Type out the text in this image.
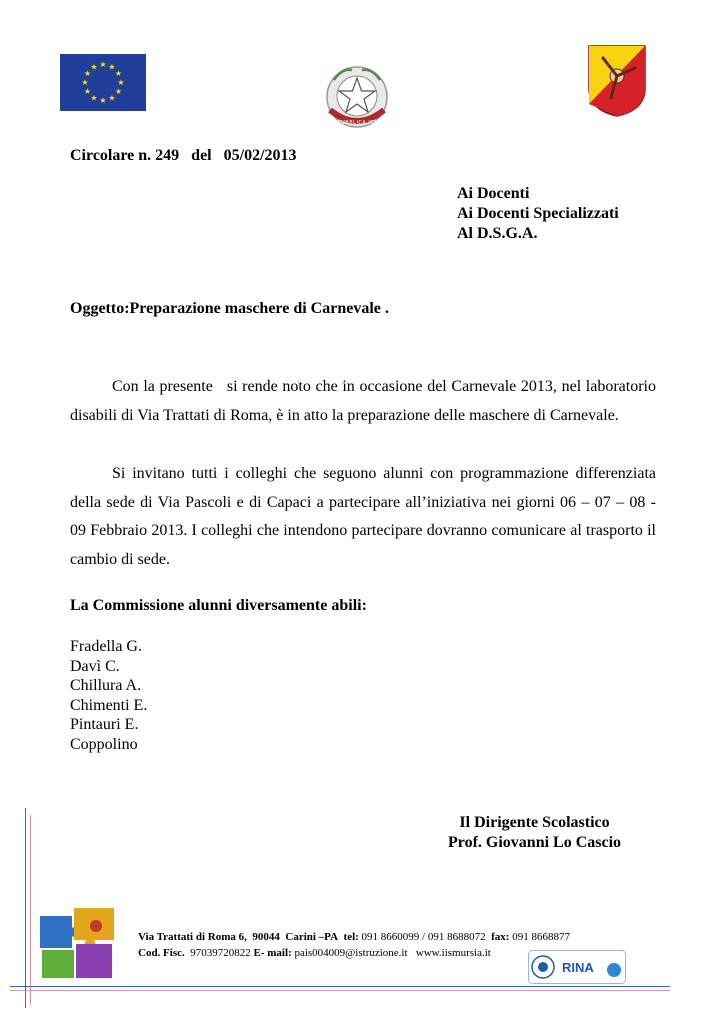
★ ★
★
★
★
★
★
★
★
★
★
★
REPUBBLICA ITALIANA
Circolare n. 249   del   05/02/2013
Ai Docenti
Ai Docenti Specializzati
Al D.S.G.A.
Oggetto:Preparazione maschere di Carnevale .
Con la presente   si rende noto che in occasione del Carnevale 2013, nel laboratorio disabili di Via Trattati di Roma, è in atto la preparazione delle maschere di Carnevale.
Si invitano tutti i colleghi che seguono alunni con programmazione differenziata della sede di Via Pascoli e di Capaci a partecipare all’iniziativa nei giorni 06 – 07 – 08 -   09 Febbraio 2013. I colleghi che intendono partecipare dovranno comunicare al trasporto il cambio di sede.
La Commissione alunni diversamente abili:
Fradella G.
Davì C.
Chillura A.
Chimenti E.
Pintauri E.
Coppolino
Il Dirigente Scolastico
Prof. Giovanni Lo Cascio
Via Trattati di Roma 6,  90044  Carini –PA tel: 091 8660099 / 091 8688072 fax: 091 8668877
Cod. Fisc. 97039720822 E- mail: pais004009@istruzione.it www.iismursia.it
RINA
